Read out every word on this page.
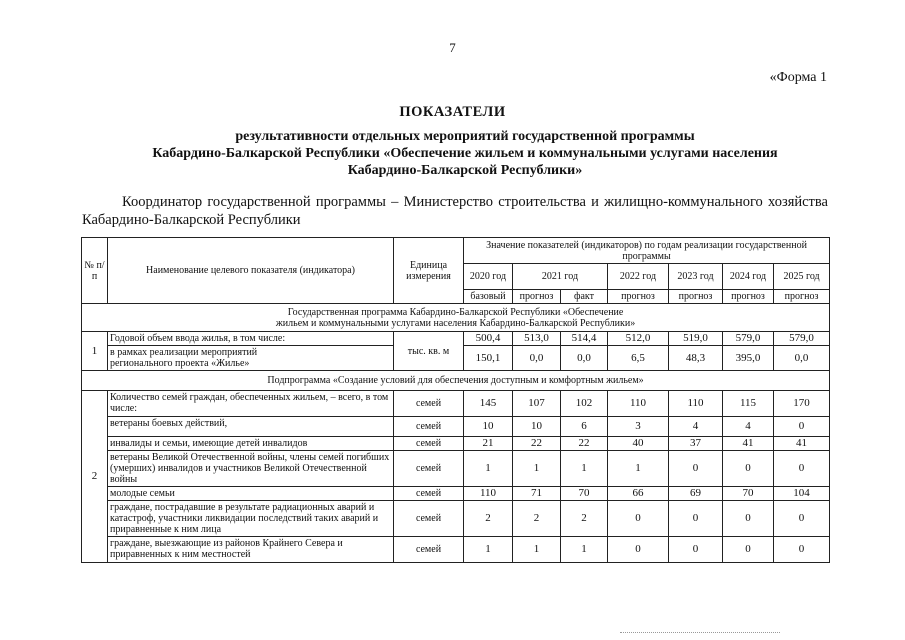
7
«Форма 1
ПОКАЗАТЕЛИ
результативности отдельных мероприятий государственной программы
Кабардино-Балкарской Республики «Обеспечение жильем и коммунальными услугами населения
Кабардино-Балкарской Республики»
Координатор государственной программы – Министерство строительства и жилищно-коммунального хозяйства Кабардино-Балкарской Республики
№ п/п	Наименование целевого показателя (индикатора)	Единица измерения	Значение показателей (индикаторов) по годам реализации государственной программы						
			2020 год	2021 год		2022 год	2023 год	2024 год	2025 год
			базовый	прогноз	факт	прогноз	прогноз	прогноз	прогноз
Государственная программа Кабардино-Балкарской Республики «Обеспечение жильем и коммунальными услугами населения Кабардино-Балкарской Республики»									
1	Годовой объем ввода жилья, в том числе:	тыс. кв. м	500,4	513,0	514,4	512,0	519,0	579,0	579,0
	в рамках реализации мероприятий регионального проекта «Жилье»		150,1	0,0	0,0	6,5	48,3	395,0	0,0
Подпрограмма «Создание условий для обеспечения доступным и комфортным жильем»									
2	Количество семей граждан, обеспеченных жильем, – всего, в том числе:	семей	145	107	102	110	110	115	170
	ветераны боевых действий,	семей	10	10	6	3	4	4	0
	инвалиды и семьи, имеющие детей инвалидов	семей	21	22	22	40	37	41	41
	ветераны Великой Отечественной войны, члены семей погибших (умерших) инвалидов и участников Великой Отечественной войны	семей	1	1	1	1	0	0	0
	молодые семьи	семей	110	71	70	66	69	70	104
	граждане, пострадавшие в результате радиационных аварий и катастроф, участники ликвидации последствий таких аварий и приравненные к ним лица	семей	2	2	2	0	0	0	0
	граждане, выезжающие из районов Крайнего Севера и приравненных к ним местностей	семей	1	1	1	0	0	0	0
